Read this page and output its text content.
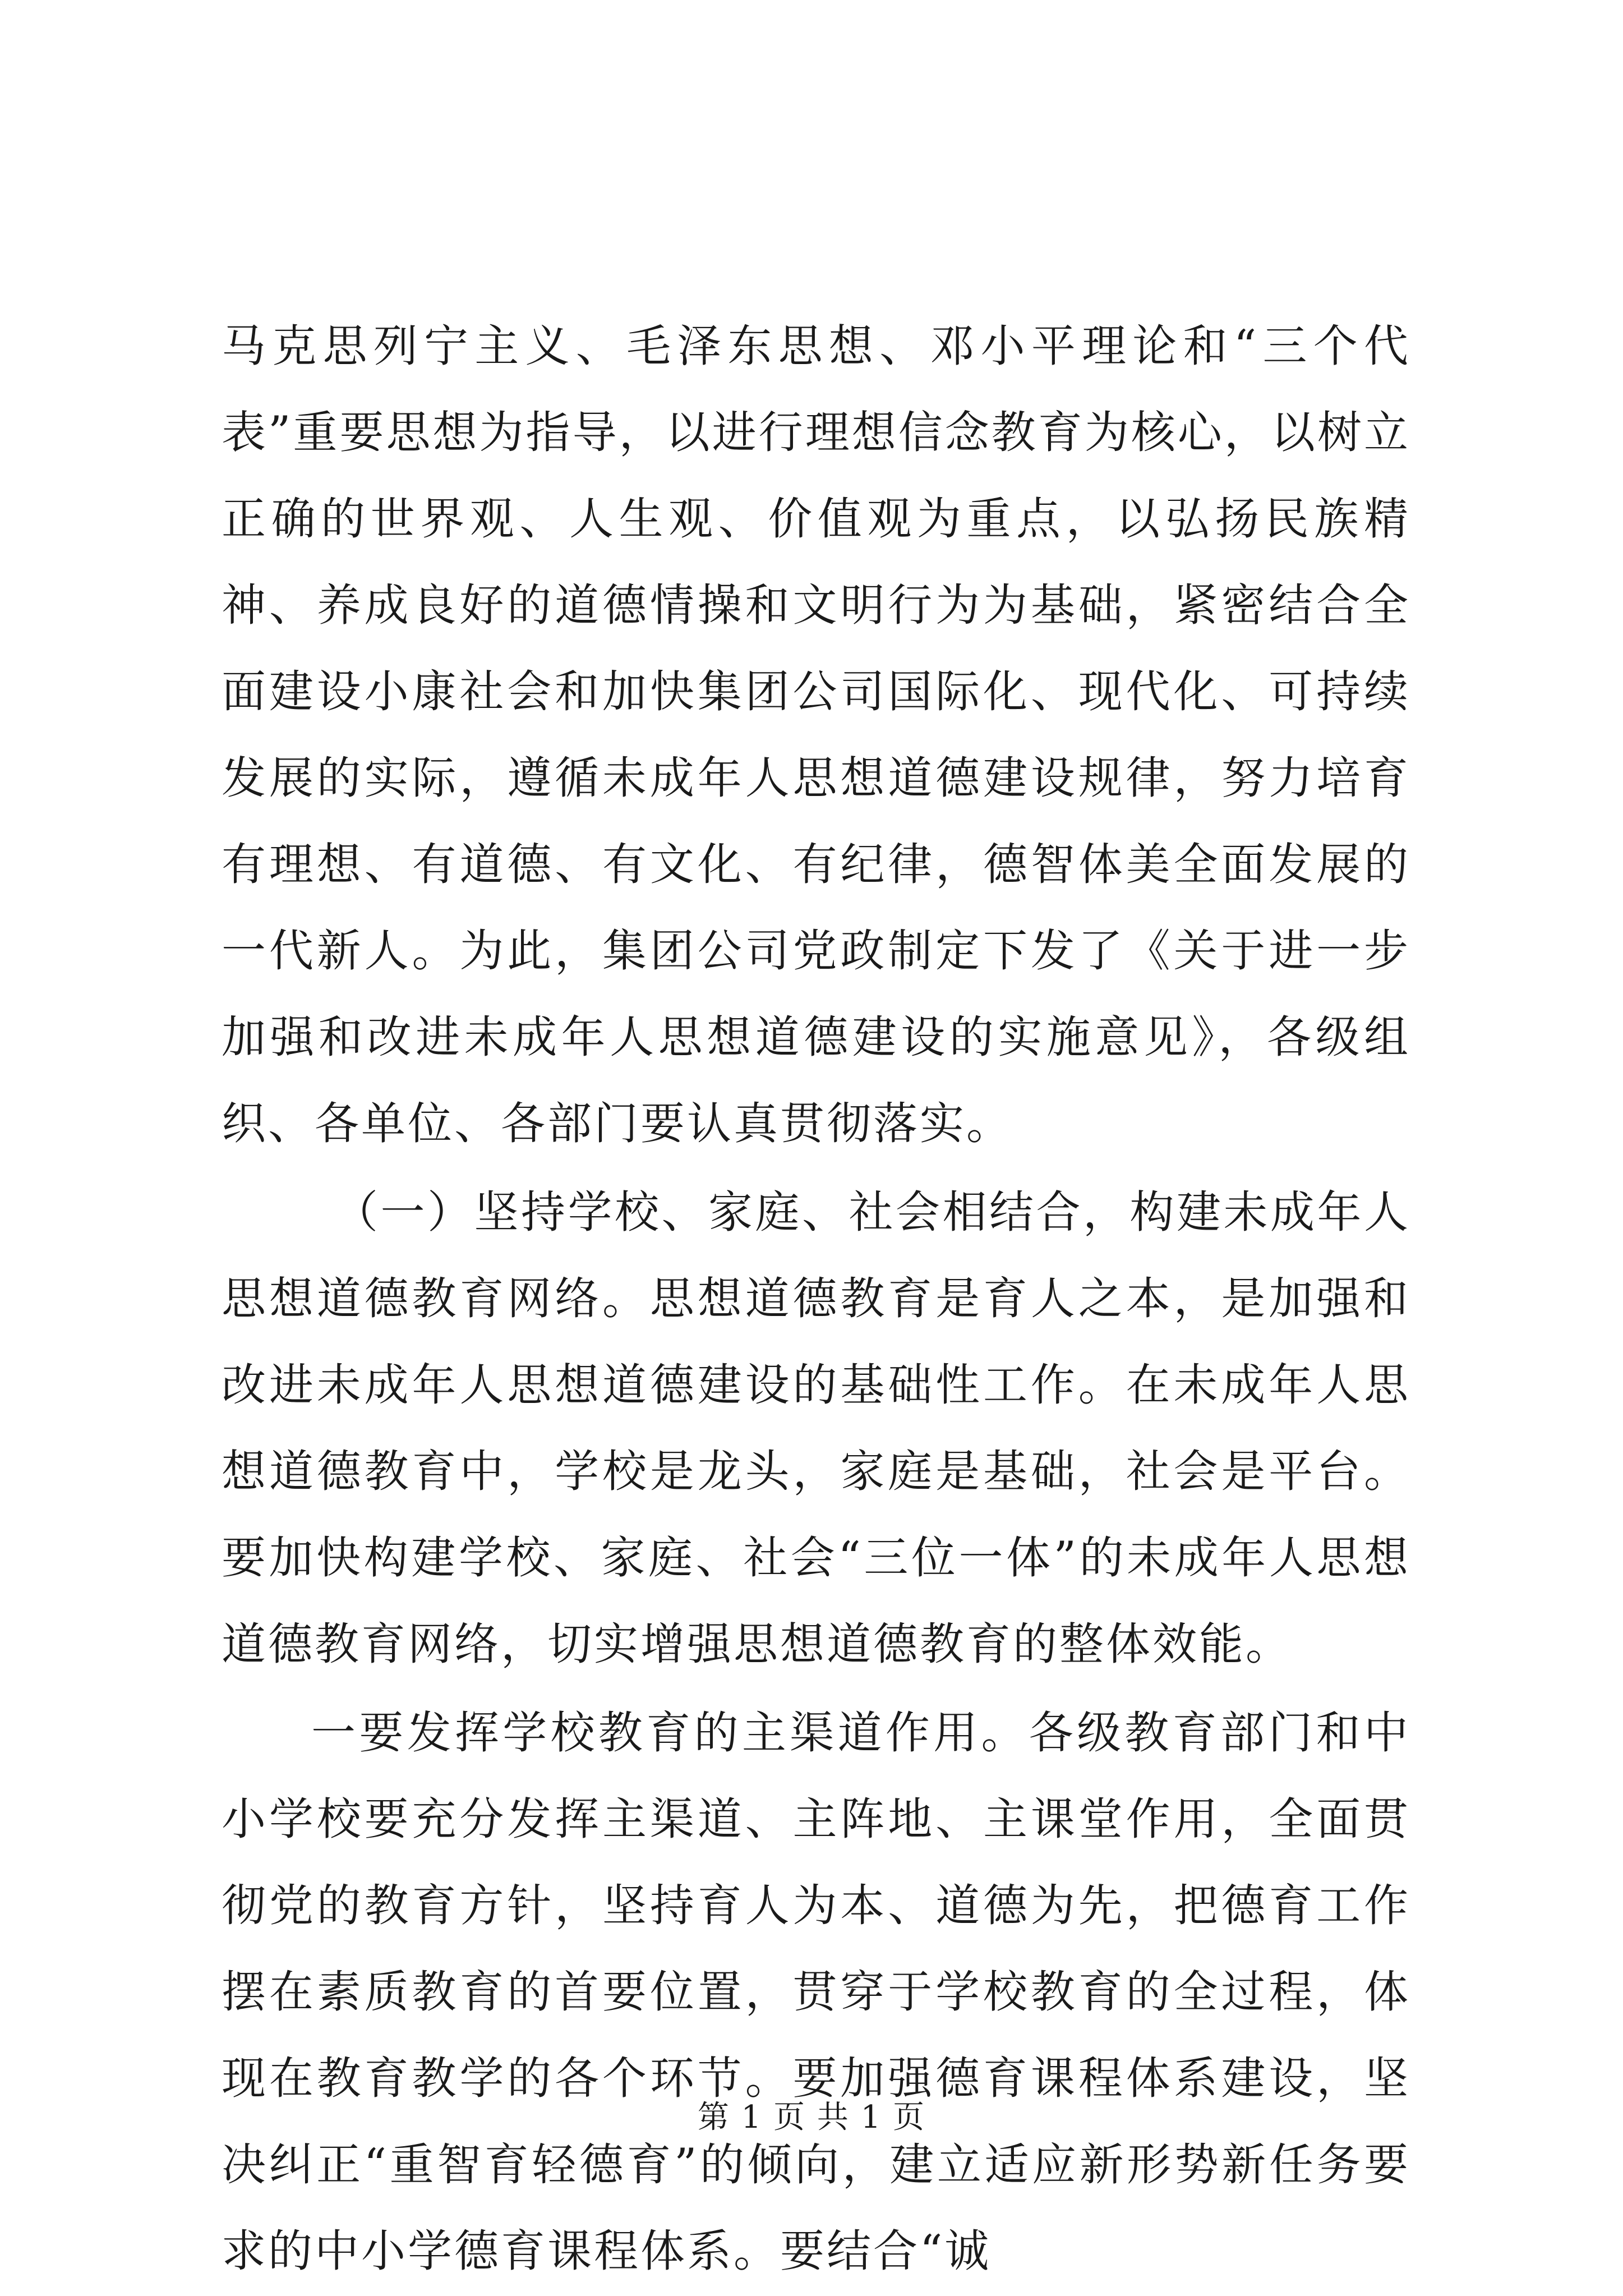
马克思列宁主义、毛泽东思想、邓小平理论和“三个代表”重要思想为指导，以进行理想信念教育为核心，以树立正确的世界观、人生观、价值观为重点，以弘扬民族精神、养成良好的道德情操和文明行为为基础，紧密结合全面建设小康社会和加快集团公司国际化、现代化、可持续发展的实际，遵循未成年人思想道德建设规律，努力培育有理想、有道德、有文化、有纪律，德智体美全面发展的一代新人。为此，集团公司党政制定下发了《关于进一步加强和改进未成年人思想道德建设的实施意见》，各级组织、各单位、各部门要认真贯彻落实。

（一）坚持学校、家庭、社会相结合，构建未成年人思想道德教育网络。思想道德教育是育人之本，是加强和改进未成年人思想道德建设的基础性工作。在未成年人思想道德教育中，学校是龙头，家庭是基础，社会是平台。要加快构建学校、家庭、社会“三位一体”的未成年人思想道德教育网络，切实增强思想道德教育的整体效能。

一要发挥学校教育的主渠道作用。各级教育部门和中小学校要充分发挥主渠道、主阵地、主课堂作用，全面贯彻党的教育方针，坚持育人为本、道德为先，把德育工作摆在素质教育的首要位置，贯穿于学校教育的全过程，体现在教育教学的各个环节。要加强德育课程体系建设，坚决纠正“重智育轻德育”的倾向，建立适应新形势新任务要求的中小学德育课程体系。要结合“诚

第 1 页 共 1 页
